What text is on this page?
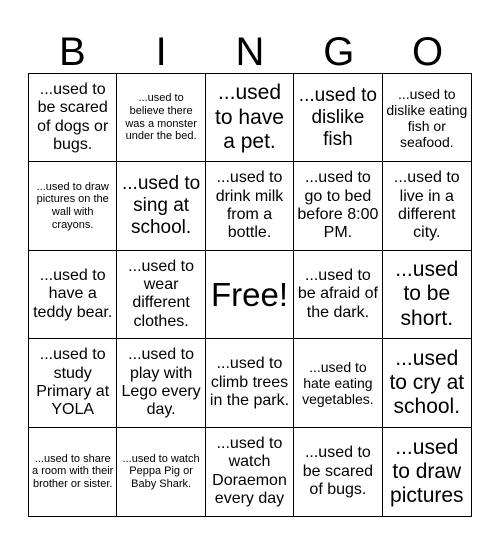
B	I	N	G	O
...used to be scared of dogs or bugs.
...used to believe there was a monster under the bed.
...used to have a pet.
...used to dislike fish
...used to dislike eating fish or seafood.
...used to draw pictures on the wall with crayons.
...used to sing at school.
...used to drink milk from a bottle.
...used to go to bed before 8:00 PM.
...used to live in a different city.
...used to have a teddy bear.
...used to wear different clothes.
Free!
...used to be afraid of the dark.
...used to be short.
...used to study Primary at YOLA
...used to play with Lego every day.
...used to climb trees in the park.
...used to hate eating vegetables.
...used to cry at school.
...used to share a room with their brother or sister.
...used to watch Peppa Pig or Baby Shark.
...used to watch Doraemon every day
...used to be scared of bugs.
...used to draw pictures
